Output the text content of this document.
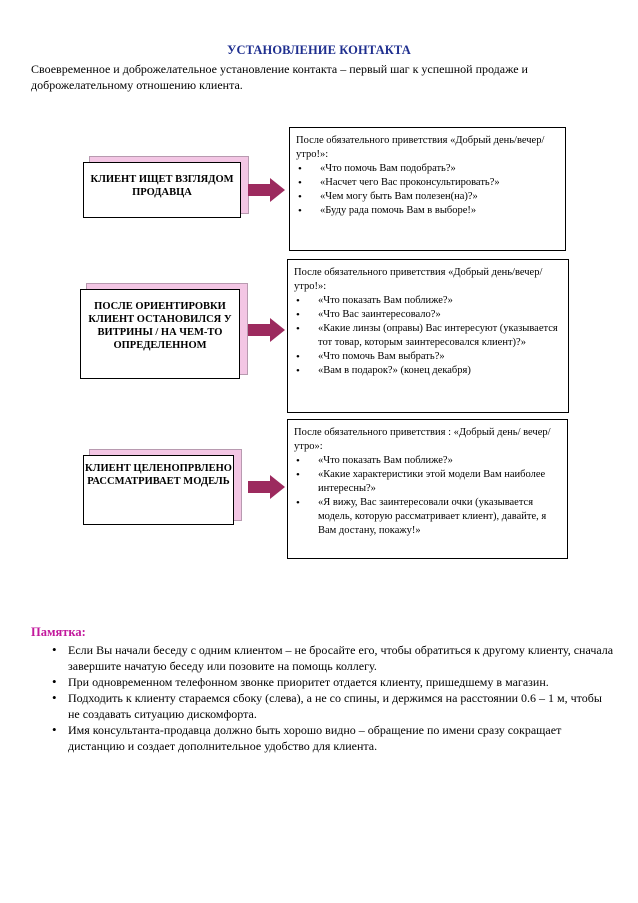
УСТАНОВЛЕНИЕ КОНТАКТА
Своевременное и доброжелательное установление контакта – первый шаг к успешной продаже и доброжелательному отношению клиента.
КЛИЕНТ ИЩЕТ ВЗГЛЯДОМ ПРОДАВЦА
После обязательного приветствия «Добрый день/вечер/утро!»:
• «Что помочь Вам подобрать?»
• «Насчет чего Вас проконсультировать?»
• «Чем могу быть Вам полезен(на)?»
• «Буду рада помочь Вам в выборе!»
ПОСЛЕ ОРИЕНТИРОВКИ КЛИЕНТ ОСТАНОВИЛСЯ У ВИТРИНЫ / НА ЧЕМ-ТО ОПРЕДЕЛЕННОМ
После обязательного приветствия «Добрый день/вечер/утро!»:
• «Что показать Вам поближе?»
• «Что Вас заинтересовало?»
• «Какие линзы (оправы) Вас интересуют (указывается тот товар, которым заинтересовался клиент)?»
• «Что помочь Вам выбрать?»
• «Вам в подарок?» (конец декабря)
КЛИЕНТ ЦЕЛЕНОПРВЛЕНО РАССМАТРИВАЕТ МОДЕЛЬ
После обязательного приветствия : «Добрый день/ вечер/утро»:
• «Что показать Вам поближе?»
• «Какие характеристики этой модели Вам наиболее интересны?»
• «Я вижу, Вас заинтересовали очки (указывается модель, которую рассматривает клиент), давайте, я Вам достану, покажу!»
Памятка:
• Если Вы начали беседу с одним клиентом – не бросайте его, чтобы обратиться к другому клиенту, сначала завершите начатую беседу или позовите на помощь коллегу.
• При одновременном телефонном звонке приоритет отдается клиенту, пришедшему в магазин.
• Подходить к клиенту стараемся сбоку (слева), а не со спины, и держимся на расстоянии 0.6 – 1 м, чтобы не создавать ситуацию дискомфорта.
• Имя консультанта-продавца должно быть хорошо видно – обращение по имени сразу сокращает дистанцию и создает дополнительное удобство для клиента.
